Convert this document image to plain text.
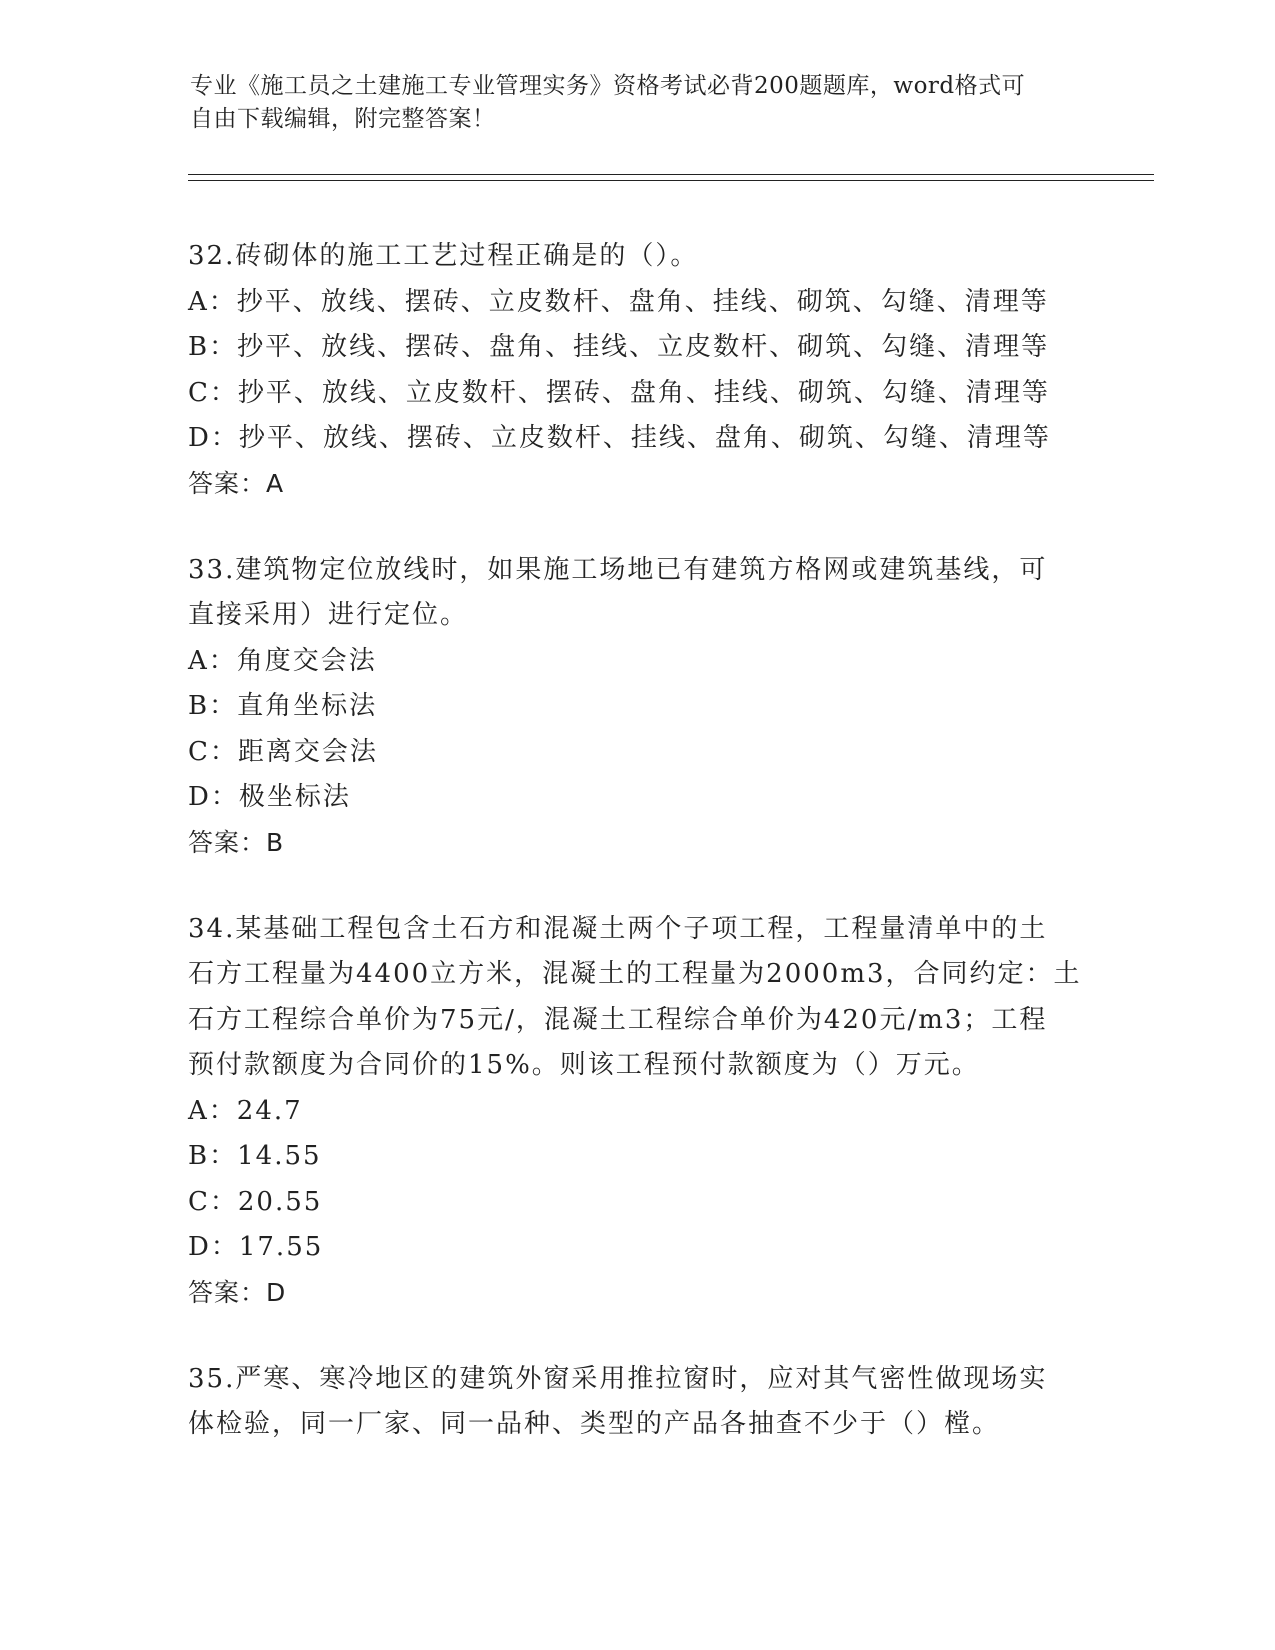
专业《施工员之土建施工专业管理实务》资格考试必背200题题库，word格式可
自由下载编辑，附完整答案！
32.砖砌体的施工工艺过程正确是的（）。
A：抄平、放线、摆砖、立皮数杆、盘角、挂线、砌筑、勾缝、清理等
B：抄平、放线、摆砖、盘角、挂线、立皮数杆、砌筑、勾缝、清理等
C：抄平、放线、立皮数杆、摆砖、盘角、挂线、砌筑、勾缝、清理等
D：抄平、放线、摆砖、立皮数杆、挂线、盘角、砌筑、勾缝、清理等
答案：A
33.建筑物定位放线时，如果施工场地已有建筑方格网或建筑基线，可
直接采用）进行定位。
A：角度交会法
B：直角坐标法
C：距离交会法
D：极坐标法
答案：B
34.某基础工程包含土石方和混凝土两个子项工程，工程量清单中的土
石方工程量为4400立方米，混凝土的工程量为2000m3，合同约定：土
石方工程综合单价为75元/，混凝土工程综合单价为420元/m3；工程
预付款额度为合同价的15%。则该工程预付款额度为（）万元。
A：24.7
B：14.55
C：20.55
D：17.55
答案：D
35.严寒、寒冷地区的建筑外窗采用推拉窗时，应对其气密性做现场实
体检验，同一厂家、同一品种、类型的产品各抽查不少于（）樘。
